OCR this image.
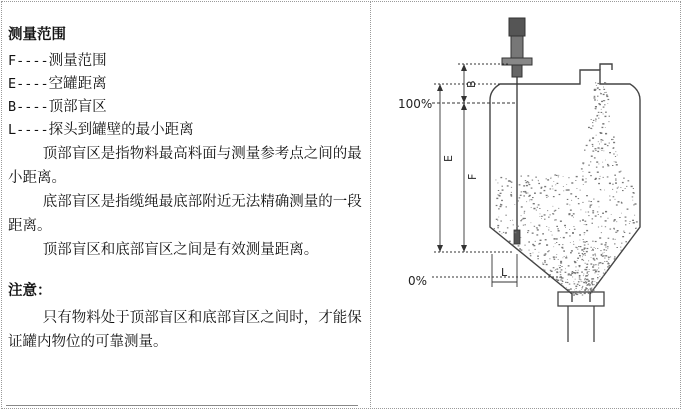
测量范围
F----测量范围
E----空罐距离
B----顶部盲区
L----探头到罐壁的最小距离

顶部盲区是指物料最高料面与测量参考点之间的最小距离。

底部盲区是指缆绳最底部附近无法精确测量的一段距离。

顶部盲区和底部盲区之间是有效测量距离。

注意：

只有物料处于顶部盲区和底部盲区之间时，才能保证罐内物位的可靠测量。

100%
0%
B
E
F
L
